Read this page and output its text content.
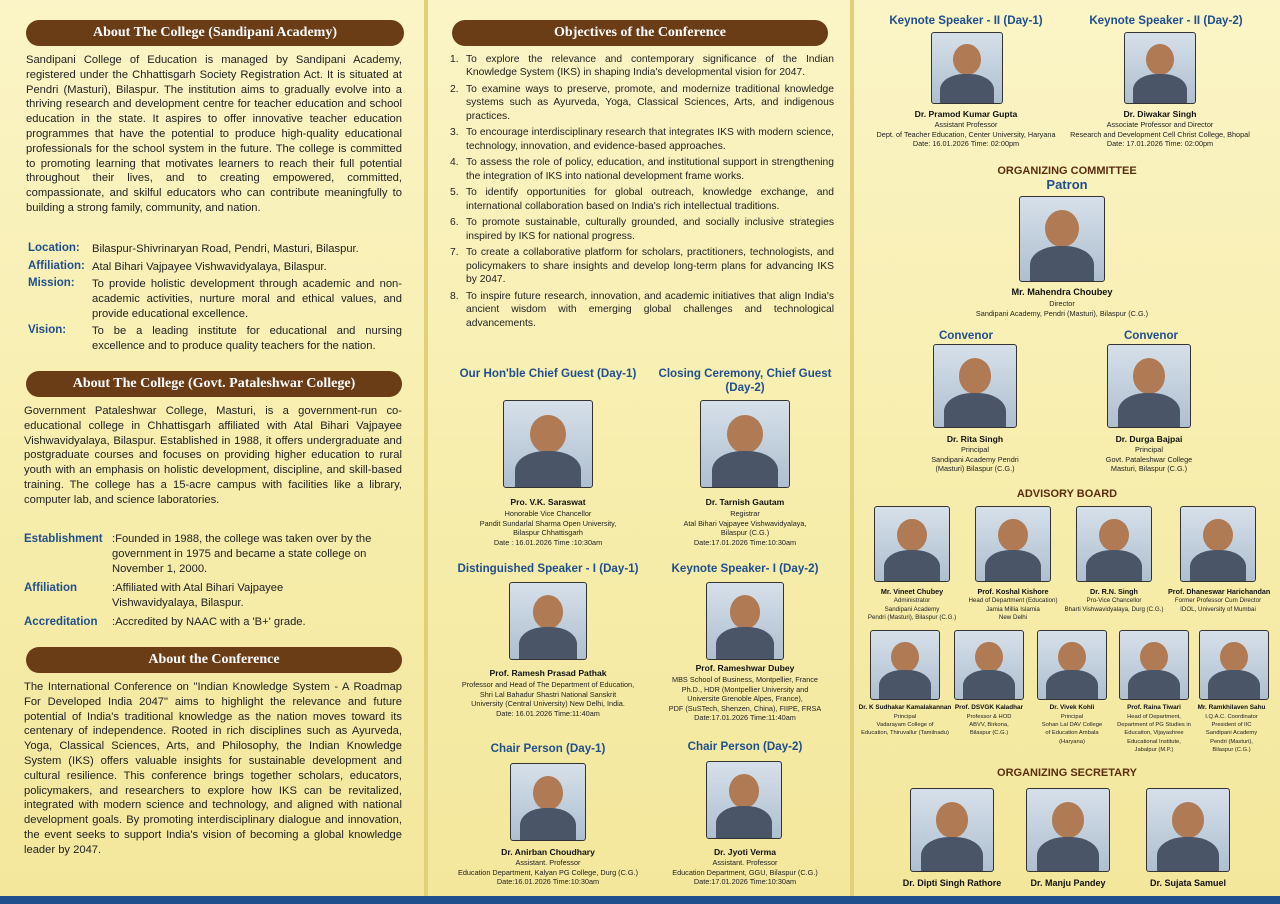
About The College (Sandipani Academy)
Sandipani College of Education is managed by Sandipani Academy, registered under the Chhattisgarh Society Registration Act. It is situated at Pendri (Masturi), Bilaspur. The institution aims to gradually evolve into a thriving research and development centre for teacher education and school education in the state. It aspires to offer innovative teacher education programmes that have the potential to produce high-quality educational professionals for the school system in the future. The college is committed to promoting learning that motivates learners to reach their full potential throughout their lives, and to creating empowered, committed, compassionate, and skilful educators who can contribute meaningfully to building a strong family, community, and nation.
Location: Bilaspur-Shivrinaryan Road, Pendri, Masturi, Bilaspur.
Affiliation: Atal Bihari Vajpayee Vishwavidyalaya, Bilaspur.
Mission: To provide holistic development through academic and non-academic activities, nurture moral and ethical values, and provide educational excellence.
Vision: To be a leading institute for educational and nursing excellence and to produce quality teachers for the nation.
About The College (Govt. Pataleshwar College)
Government Pataleshwar College, Masturi, is a government-run co-educational college in Chhattisgarh affiliated with Atal Bihari Vajpayee Vishwavidyalaya, Bilaspur. Established in 1988, it offers undergraduate and postgraduate courses and focuses on providing higher education to rural youth with an emphasis on holistic development, discipline, and skill-based training. The college has a 15-acre campus with facilities like a library, computer lab, and science laboratories.
Establishment :Founded in 1988, the college was taken over by the government in 1975 and became a state college on November 1, 2000.
Affiliation	:Affiliated with Atal Bihari Vajpayee Vishwavidyalaya, Bilaspur.
Accreditation :Accredited by NAAC with a 'B+' grade.
About the Conference
The International Conference on "Indian Knowledge System - A Roadmap For Developed India 2047" aims to highlight the relevance and future potential of India's traditional knowledge as the nation moves toward its centenary of independence. Rooted in rich disciplines such as Ayurveda, Yoga, Classical Sciences, Arts, and Philosophy, the Indian Knowledge System (IKS) offers valuable insights for sustainable development and cultural resilience. This conference brings together scholars, educators, policymakers, and researchers to explore how IKS can be revitalized, integrated with modern science and technology, and aligned with national development goals. By promoting interdisciplinary dialogue and innovation, the event seeks to support India's vision of becoming a global knowledge leader by 2047.
Objectives of the Conference
1. To explore the relevance and contemporary significance of the Indian Knowledge System (IKS) in shaping India's developmental vision for 2047.
2. To examine ways to preserve, promote, and modernize traditional knowledge systems such as Ayurveda, Yoga, Classical Sciences, Arts, and indigenous practices.
3. To encourage interdisciplinary research that integrates IKS with modern science, technology, innovation, and evidence-based approaches.
4. To assess the role of policy, education, and institutional support in strengthening the integration of IKS into national development frame works.
5. To identify opportunities for global outreach, knowledge exchange, and international collaboration based on India's rich intellectual traditions.
6. To promote sustainable, culturally grounded, and socially inclusive strategies inspired by IKS for national progress.
7. To create a collaborative platform for scholars, practitioners, technologists, and policymakers to share insights and develop long-term plans for advancing IKS by 2047.
8. To inspire future research, innovation, and academic initiatives that align India's ancient wisdom with emerging global challenges and technological advancements.
Our Hon'ble Chief Guest (Day-1)
Pro. V.K. Saraswat
Honorable Vice Chancellor
Pandit Sundarlal Sharma Open University,
Bilaspur Chhattisgarh
Date : 16.01.2026 Time :10:30am
Closing Ceremony, Chief Guest (Day-2)
Dr. Tarnish Gautam
Registrar
Atal Bihari Vajpayee Vishwavidyalaya,
Bilaspur (C.G.)
Date:17.01.2026 Time:10:30am
Distinguished Speaker - I (Day-1)
Prof. Ramesh Prasad Pathak
Professor and Head of The Department of Education,
Shri Lal Bahadur Shastri National Sanskrit
University (Central University) New Delhi, India.
Date: 16.01.2026 Time:11:40am
Keynote Speaker- I (Day-2)
Prof. Rameshwar Dubey
MBS School of Business, Montpellier, France
Ph.D., HDR (Montpellier University and
Universite Grenoble Alpes, France),
PDF (SuSTech, Shenzen, China), FIIPE, FRSA
Date:17.01.2026 Time:11:40am
Chair Person (Day-1)
Dr. Anirban Choudhary
Assistant. Professor
Education Department, Kalyan PG College, Durg (C.G.)
Date:16.01.2026 Time:10:30am
Chair Person (Day-2)
Dr. Jyoti Verma
Assistant. Professor
Education Department, GGU, Bilaspur (C.G.)
Date:17.01.2026 Time:10:30am
Keynote Speaker - II (Day-1)
Dr. Pramod Kumar Gupta
Assistant Professor
Dept. of Teacher Education, Center University, Haryana
Date: 16.01.2026 Time: 02:00pm
Keynote Speaker - II (Day-2)
Dr. Diwakar Singh
Associate Professor and Director
Research and Development Cell Christ College, Bhopal
Date: 17.01.2026 Time: 02:00pm
ORGANIZING COMMITTEE
Patron
Mr. Mahendra Choubey
Director
Sandipani Academy, Pendri (Masturi), Bilaspur (C.G.)
Convenor
Dr. Rita Singh
Principal
Sandipani Academy Pendri
(Masturi) Bilaspur (C.G.)
Convenor
Dr. Durga Bajpai
Principal
Govt. Pataleshwar College
Masturi, Bilaspur (C.G.)
ADVISORY BOARD
Mr. Vineet Chubey
Administrator
Sandipani Academy
Pendri (Masturi), Bilaspur (C.G.)
Prof. Koshal Kishore
Head of Department (Education)
Jamia Millia Islamia
New Delhi
Dr. R.N. Singh
Pro-Vice Chancellor
Bharti Vishwavidyalaya, Durg (C.G.)
Prof. Dhaneswar Harichandan
Former Professor Cum Director
IDOL, University of Mumbai
Dr. K Sudhakar Kamalakannan
Principal
Vadarayam College of
Education, Thiruvallur (Tamilnadu)
Prof. DSVGK Kaladhar
Professor & HOD
ABVV, Birkona,
Bilaspur (C.G.)
Dr. Vivek Kohli
Principal
Sohan Lal DAV College
of Education Ambala
(Haryana)
Prof. Raina Tiwari
Head of Department,
Department of PG Studies in
Educaiton, Vijayashree
Educational Institute,
Jabalpur (M.P.)
Mr. Ramkhilaven Sahu
I.Q.A.C. Coordinator
President of IIC
Sandipani Academy
Pendri (Masturi),
Bilaspur (C.G.)
ORGANIZING SECRETARY
Dr. Dipti Singh Rathore	Dr. Manju Pandey	Dr. Sujata Samuel
